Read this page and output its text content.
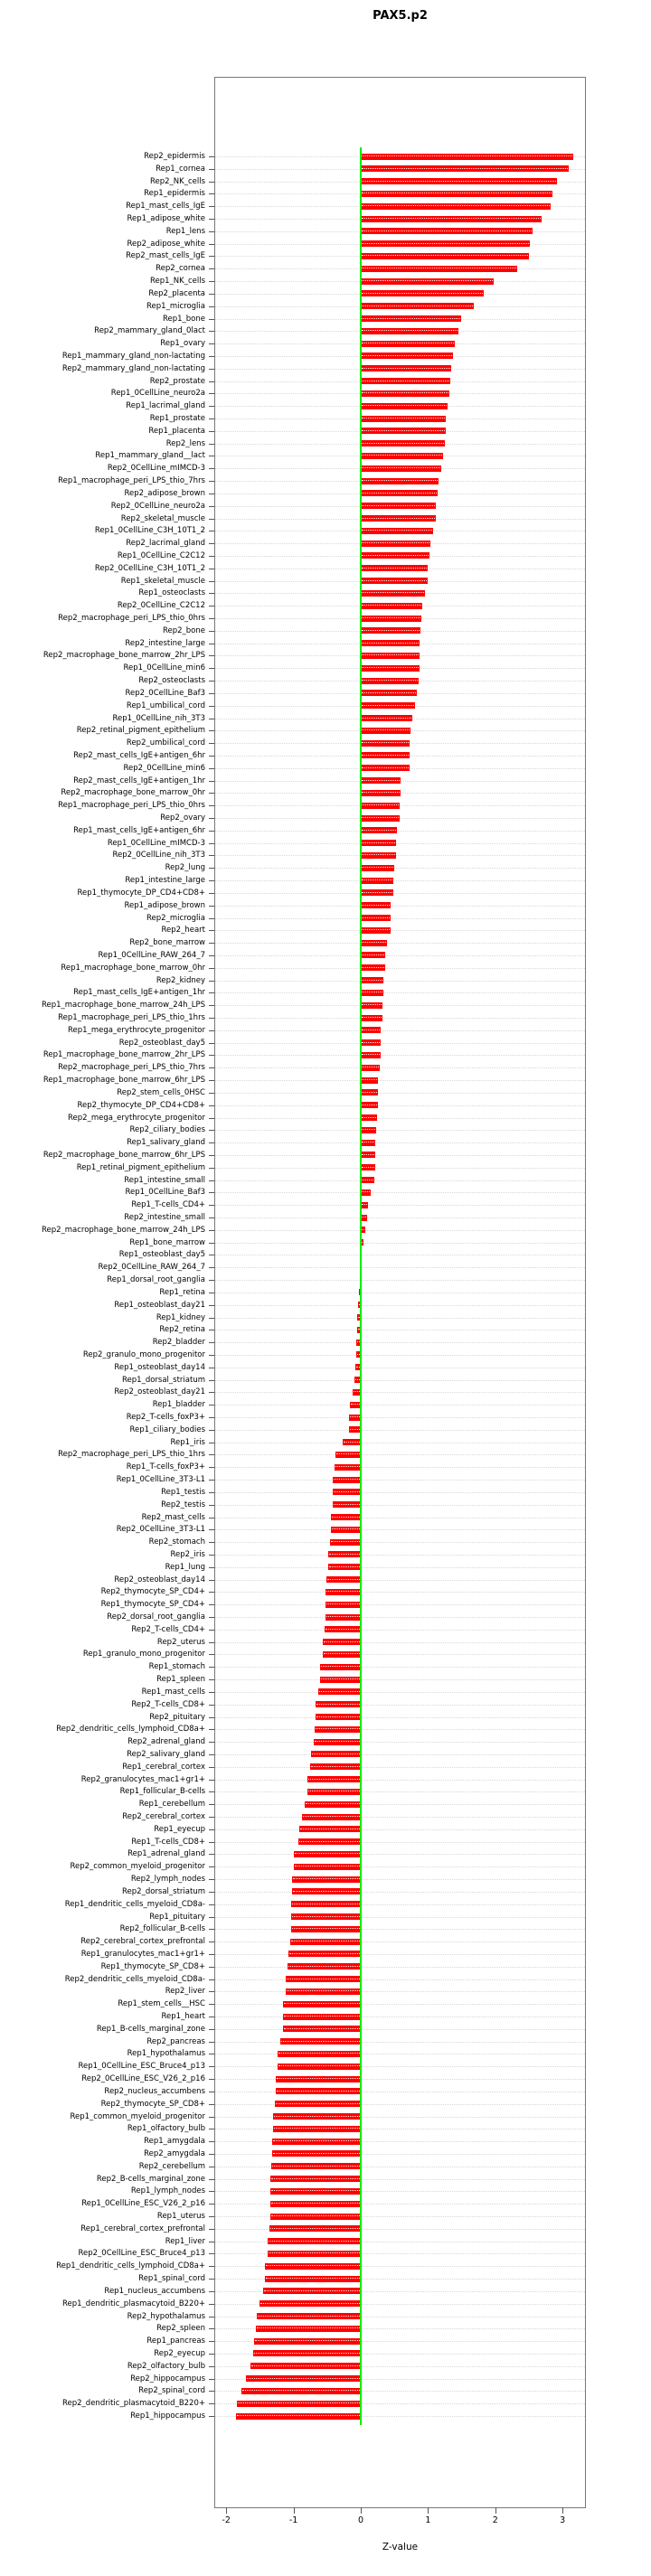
PAX5.p2
Rep2_epidermis
Rep1_cornea
Rep2_NK_cells
Rep1_epidermis
Rep1_mast_cells_IgE
Rep1_adipose_white
Rep1_lens
Rep2_adipose_white
Rep2_mast_cells_IgE
Rep2_cornea
Rep1_NK_cells
Rep2_placenta
Rep1_microglia
Rep1_bone
Rep2_mammary_gland_0lact
Rep1_ovary
Rep1_mammary_gland_non-lactating
Rep2_mammary_gland_non-lactating
Rep2_prostate
Rep1_0CellLine_neuro2a
Rep1_lacrimal_gland
Rep1_prostate
Rep1_placenta
Rep2_lens
Rep1_mammary_gland__lact
Rep2_0CellLine_mIMCD-3
Rep1_macrophage_peri_LPS_thio_7hrs
Rep2_adipose_brown
Rep2_0CellLine_neuro2a
Rep2_skeletal_muscle
Rep1_0CellLine_C3H_10T1_2
Rep2_lacrimal_gland
Rep1_0CellLine_C2C12
Rep2_0CellLine_C3H_10T1_2
Rep1_skeletal_muscle
Rep1_osteoclasts
Rep2_0CellLine_C2C12
Rep2_macrophage_peri_LPS_thio_0hrs
Rep2_bone
Rep2_intestine_large
Rep2_macrophage_bone_marrow_2hr_LPS
Rep1_0CellLine_min6
Rep2_osteoclasts
Rep2_0CellLine_Baf3
Rep1_umbilical_cord
Rep1_0CellLine_nih_3T3
Rep2_retinal_pigment_epithelium
Rep2_umbilical_cord
Rep2_mast_cells_IgE+antigen_6hr
Rep2_0CellLine_min6
Rep2_mast_cells_IgE+antigen_1hr
Rep2_macrophage_bone_marrow_0hr
Rep1_macrophage_peri_LPS_thio_0hrs
Rep2_ovary
Rep1_mast_cells_IgE+antigen_6hr
Rep1_0CellLine_mIMCD-3
Rep2_0CellLine_nih_3T3
Rep2_lung
Rep1_intestine_large
Rep1_thymocyte_DP_CD4+CD8+
Rep1_adipose_brown
Rep2_microglia
Rep2_heart
Rep2_bone_marrow
Rep1_0CellLine_RAW_264_7
Rep1_macrophage_bone_marrow_0hr
Rep2_kidney
Rep1_mast_cells_IgE+antigen_1hr
Rep1_macrophage_bone_marrow_24h_LPS
Rep1_macrophage_peri_LPS_thio_1hrs
Rep1_mega_erythrocyte_progenitor
Rep2_osteoblast_day5
Rep1_macrophage_bone_marrow_2hr_LPS
Rep2_macrophage_peri_LPS_thio_7hrs
Rep1_macrophage_bone_marrow_6hr_LPS
Rep2_stem_cells_0HSC
Rep2_thymocyte_DP_CD4+CD8+
Rep2_mega_erythrocyte_progenitor
Rep2_ciliary_bodies
Rep1_salivary_gland
Rep2_macrophage_bone_marrow_6hr_LPS
Rep1_retinal_pigment_epithelium
Rep1_intestine_small
Rep1_0CellLine_Baf3
Rep1_T-cells_CD4+
Rep2_intestine_small
Rep2_macrophage_bone_marrow_24h_LPS
Rep1_bone_marrow
Rep1_osteoblast_day5
Rep2_0CellLine_RAW_264_7
Rep1_dorsal_root_ganglia
Rep1_retina
Rep1_osteoblast_day21
Rep1_kidney
Rep2_retina
Rep2_bladder
Rep2_granulo_mono_progenitor
Rep1_osteoblast_day14
Rep1_dorsal_striatum
Rep2_osteoblast_day21
Rep1_bladder
Rep2_T-cells_foxP3+
Rep1_ciliary_bodies
Rep1_iris
Rep2_macrophage_peri_LPS_thio_1hrs
Rep1_T-cells_foxP3+
Rep1_0CellLine_3T3-L1
Rep1_testis
Rep2_testis
Rep2_mast_cells
Rep2_0CellLine_3T3-L1
Rep2_stomach
Rep2_iris
Rep1_lung
Rep2_osteoblast_day14
Rep2_thymocyte_SP_CD4+
Rep1_thymocyte_SP_CD4+
Rep2_dorsal_root_ganglia
Rep2_T-cells_CD4+
Rep2_uterus
Rep1_granulo_mono_progenitor
Rep1_stomach
Rep1_spleen
Rep1_mast_cells
Rep2_T-cells_CD8+
Rep2_pituitary
Rep2_dendritic_cells_lymphoid_CD8a+
Rep2_adrenal_gland
Rep2_salivary_gland
Rep1_cerebral_cortex
Rep2_granulocytes_mac1+gr1+
Rep1_follicular_B-cells
Rep1_cerebellum
Rep2_cerebral_cortex
Rep1_eyecup
Rep1_T-cells_CD8+
Rep1_adrenal_gland
Rep2_common_myeloid_progenitor
Rep2_lymph_nodes
Rep2_dorsal_striatum
Rep1_dendritic_cells_myeloid_CD8a-
Rep1_pituitary
Rep2_follicular_B-cells
Rep2_cerebral_cortex_prefrontal
Rep1_granulocytes_mac1+gr1+
Rep1_thymocyte_SP_CD8+
Rep2_dendritic_cells_myeloid_CD8a-
Rep2_liver
Rep1_stem_cells__HSC
Rep1_heart
Rep1_B-cells_marginal_zone
Rep2_pancreas
Rep1_hypothalamus
Rep1_0CellLine_ESC_Bruce4_p13
Rep2_0CellLine_ESC_V26_2_p16
Rep2_nucleus_accumbens
Rep2_thymocyte_SP_CD8+
Rep1_common_myeloid_progenitor
Rep1_olfactory_bulb
Rep1_amygdala
Rep2_amygdala
Rep2_cerebellum
Rep2_B-cells_marginal_zone
Rep1_lymph_nodes
Rep1_0CellLine_ESC_V26_2_p16
Rep1_uterus
Rep1_cerebral_cortex_prefrontal
Rep1_liver
Rep2_0CellLine_ESC_Bruce4_p13
Rep1_dendritic_cells_lymphoid_CD8a+
Rep1_spinal_cord
Rep1_nucleus_accumbens
Rep1_dendritic_plasmacytoid_B220+
Rep2_hypothalamus
Rep2_spleen
Rep1_pancreas
Rep2_eyecup
Rep2_olfactory_bulb
Rep2_hippocampus
Rep2_spinal_cord
Rep2_dendritic_plasmacytoid_B220+
Rep1_hippocampus
-2	-1	0	1	2	3
Z-value
